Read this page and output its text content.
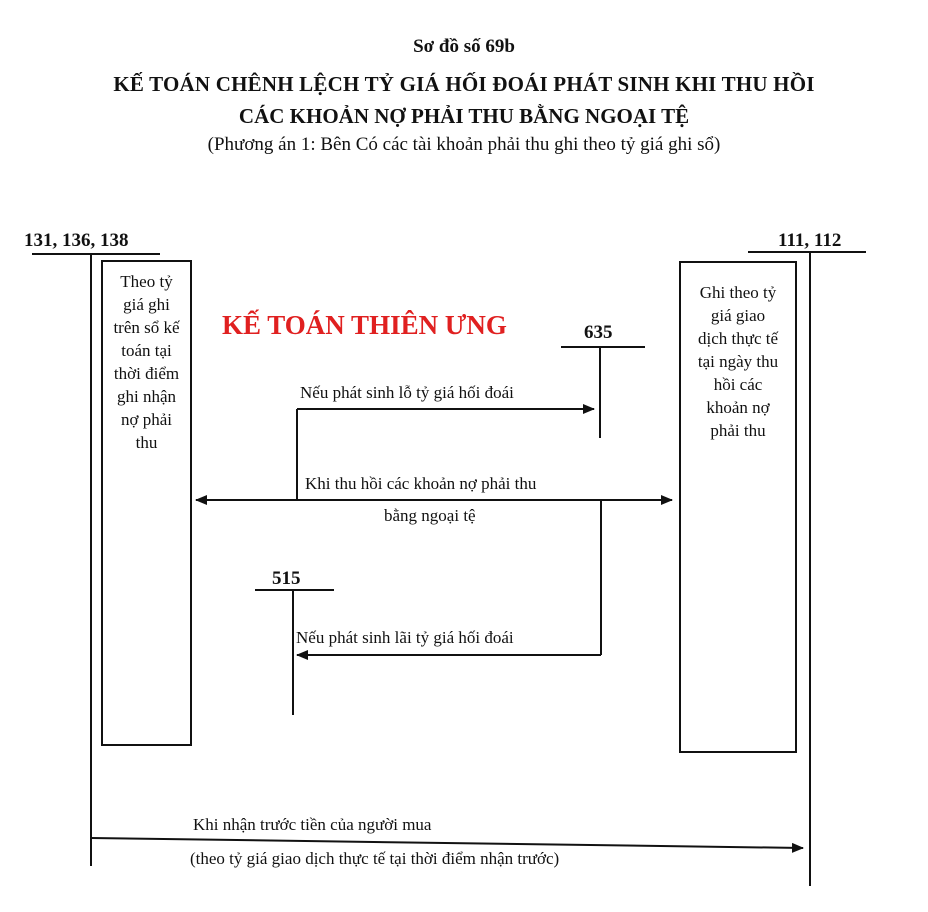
Sơ đồ số 69b
KẾ TOÁN CHÊNH LỆCH TỶ GIÁ HỐI ĐOÁI PHÁT SINH KHI THU HỒI
CÁC KHOẢN NỢ PHẢI THU BẰNG NGOẠI TỆ
(Phương án 1: Bên Có các tài khoản phải thu ghi theo tỷ giá ghi sổ)
131, 136, 138	111, 112
635
515
KẾ TOÁN THIÊN ƯNG
Theo tỷ
giá ghi
trên sổ kế
toán tại
thời điểm
ghi nhận
nợ phải
thu
Ghi theo tỷ
giá giao
dịch thực tế
tại ngày thu
hồi các
khoản nợ
phải thu
Nếu phát sinh lỗ tỷ giá hối đoái
Khi thu hồi các khoản nợ phải thu
bằng ngoại tệ
Nếu phát sinh lãi tỷ giá hối đoái
Khi nhận trước tiền của người mua
(theo tỷ giá giao dịch thực tế tại thời điểm nhận trước)
